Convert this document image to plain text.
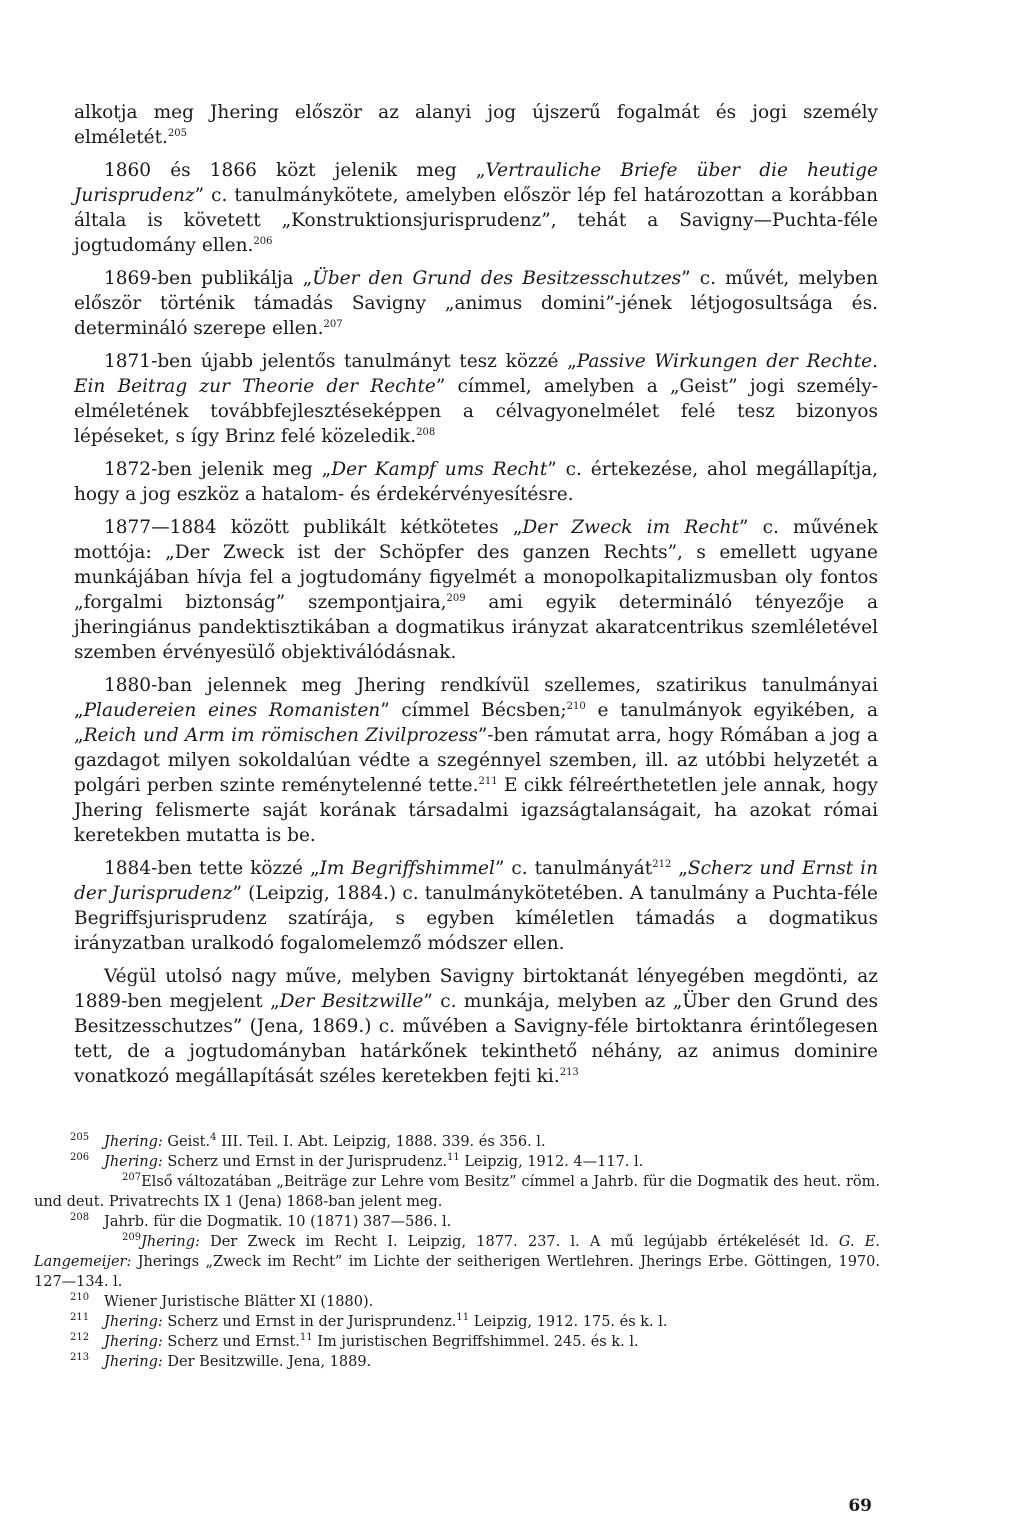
alkotja meg Jhering először az alanyi jog újszerű fogalmát és jogi személy elméletét.$^{205}$

1860 és 1866 közt jelenik meg „Vertrauliche Briefe über die heutige Jurisprudenz” c. tanulmánykötete, amelyben először lép fel határozottan a korábban általa is követett „Konstruktionsjurisprudenz”, tehát a Savigny—Puchta-féle jogtudomány ellen.$^{206}$

1869-ben publikálja „Über den Grund des Besitzesschutzes” c. művét, melyben először történik támadás Savigny „animus domini”-jének létjogosultsága és. determináló szerepe ellen.$^{207}$

1871-ben újabb jelentős tanulmányt tesz közzé „Passive Wirkungen der Rechte. Ein Beitrag zur Theorie der Rechte” címmel, amelyben a „Geist” jogi személy-elméletének továbbfejlesztéseképpen a célvagyonelmélet felé tesz bizonyos lépéseket, s így Brinz felé közeledik.$^{208}$

1872-ben jelenik meg „Der Kampf ums Recht” c. értekezése, ahol megállapítja, hogy a jog eszköz a hatalom- és érdekérvényesítésre.

1877—1884 között publikált kétkötetes „Der Zweck im Recht” c. művének mottója: „Der Zweck ist der Schöpfer des ganzen Rechts”, s emellett ugyane munkájában hívja fel a jogtudomány figyelmét a monopolkapitalizmusban oly fontos „forgalmi biztonság” szempontjaira,$^{209}$ ami egyik determináló tényezője a jheringiánus pandektisztikában a dogmatikus irányzat akaratcentrikus szemléletével szemben érvényesülő objektiválódásnak.

1880-ban jelennek meg Jhering rendkívül szellemes, szatirikus tanulmányai „Plaudereien eines Romanisten” címmel Bécsben;$^{210}$ e tanulmányok egyikében, a „Reich und Arm im römischen Zivilprozess”-ben rámutat arra, hogy Rómában a jog a gazdagot milyen sokoldalúan védte a szegénnyel szemben, ill. az utóbbi helyzetét a polgári perben szinte reménytelenné tette.$^{211}$ E cikk félreérthetetlen jele annak, hogy Jhering felismerte saját korának társadalmi igazságtalanságait, ha azokat római keretekben mutatta is be.

1884-ben tette közzé „Im Begriffshimmel” c. tanulmányát$^{212}$ „Scherz und Ernst in der Jurisprudenz” (Leipzig, 1884.) c. tanulmánykötetében. A tanulmány a Puchta-féle Begriffsjurisprudenz szatírája, s egyben kíméletlen támadás a dogmatikus irányzatban uralkodó fogalomelemző módszer ellen.

Végül utolsó nagy műve, melyben Savigny birtoktanát lényegében megdönti, az 1889-ben megjelent „Der Besitzwille” c. munkája, melyben az „Über den Grund des Besitzesschutzes” (Jena, 1869.) c. művében a Savigny-féle birtoktanra érintőlegesen tett, de a jogtudományban határkőnek tekinthető néhány, az animus dominire vonatkozó megállapítását széles keretekben fejti ki.$^{213}$

205 Jhering: Geist.$^4$ III. Teil. I. Abt. Leipzig, 1888. 339. és 356. l.

206 Jhering: Scherz und Ernst in der Jurisprudenz.$^{11}$ Leipzig, 1912. 4—117. l.

207Első változatában „Beiträge zur Lehre vom Besitz” címmel a Jahrb. für die Dogmatik des heut. röm. und deut. Privatrechts IX 1 (Jena) 1868-ban jelent meg.

208 Jahrb. für die Dogmatik. 10 (1871) 387—586. l.

209Jhering: Der Zweck im Recht I. Leipzig, 1877. 237. l. A mű legújabb értékelését ld. G. E. Langemeijer: Jherings „Zweck im Recht” im Lichte der seitherigen Wertlehren. Jherings Erbe. Göttingen, 1970. 127—134. l.

210 Wiener Juristische Blätter XI (1880).

211 Jhering: Scherz und Ernst in der Jurisprundenz.$^{11}$ Leipzig, 1912. 175. és k. l.

212 Jhering: Scherz und Ernst.$^{11}$ Im juristischen Begriffshimmel. 245. és k. l.

213 Jhering: Der Besitzwille. Jena, 1889.

69
